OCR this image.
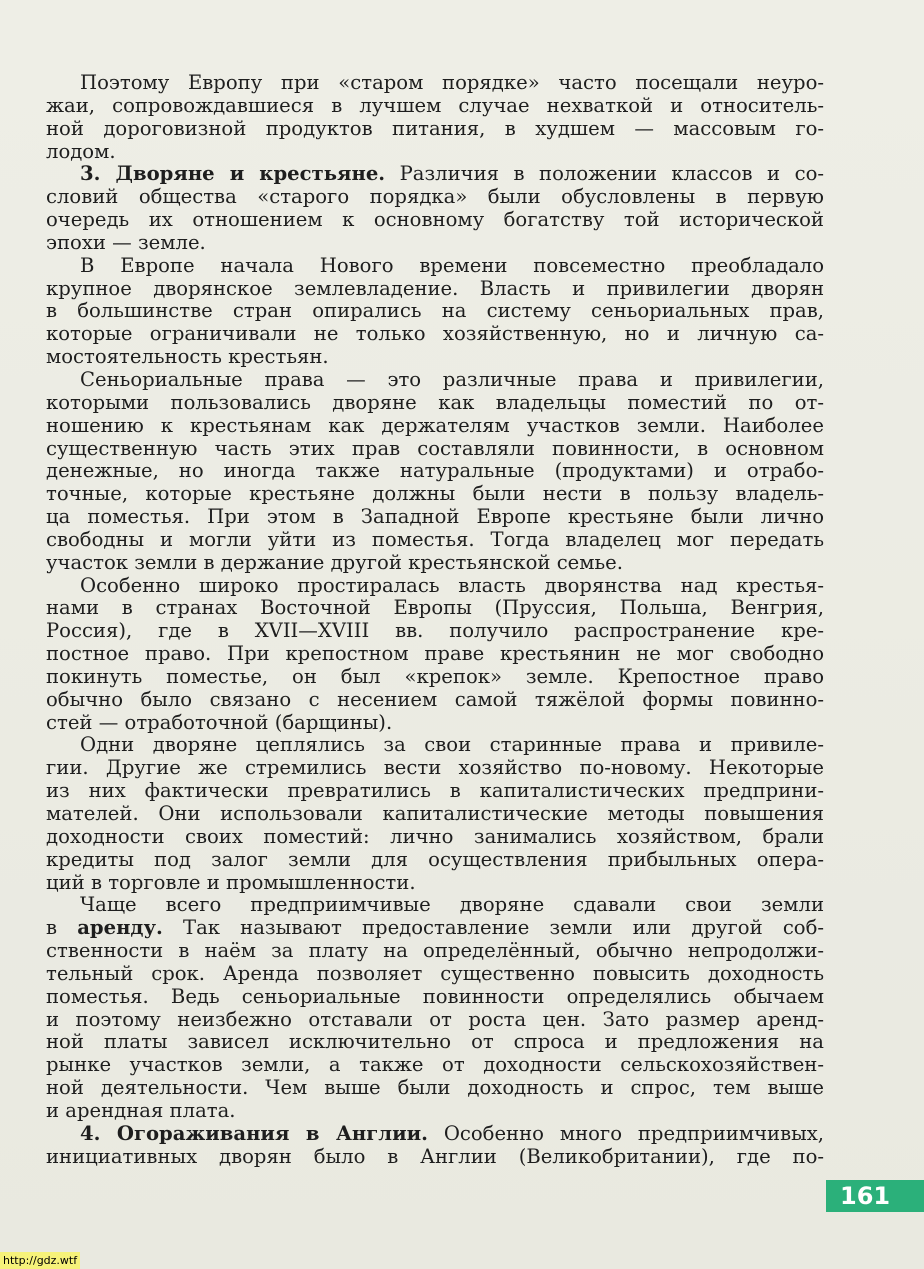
Поэтому Европу при «старом порядке» часто посещали неуро-
жаи, сопровождавшиеся в лучшем случае нехваткой и относитель-
ной дороговизной продуктов питания, в худшем — массовым го-
лодом.
3. Дворяне и крестьяне. Различия в положении классов и со-
словий общества «старого порядка» были обусловлены в первую
очередь их отношением к основному богатству той исторической
эпохи — земле.
В Европе начала Нового времени повсеместно преобладало
крупное дворянское землевладение. Власть и привилегии дворян
в большинстве стран опирались на систему сеньориальных прав,
которые ограничивали не только хозяйственную, но и личную са-
мостоятельность крестьян.
Сеньориальные права — это различные права и привилегии,
которыми пользовались дворяне как владельцы поместий по от-
ношению к крестьянам как держателям участков земли. Наиболее
существенную часть этих прав составляли повинности, в основном
денежные, но иногда также натуральные (продуктами) и отрабо-
точные, которые крестьяне должны были нести в пользу владель-
ца поместья. При этом в Западной Европе крестьяне были лично
свободны и могли уйти из поместья. Тогда владелец мог передать
участок земли в держание другой крестьянской семье.
Особенно широко простиралась власть дворянства над крестья-
нами в странах Восточной Европы (Пруссия, Польша, Венгрия,
Россия), где в XVII—XVIII вв. получило распространение кре-
постное право. При крепостном праве крестьянин не мог свободно
покинуть поместье, он был «крепок» земле. Крепостное право
обычно было связано с несением самой тяжёлой формы повинно-
стей — отработочной (барщины).
Одни дворяне цеплялись за свои старинные права и привиле-
гии. Другие же стремились вести хозяйство по-новому. Некоторые
из них фактически превратились в капиталистических предприни-
мателей. Они использовали капиталистические методы повышения
доходности своих поместий: лично занимались хозяйством, брали
кредиты под залог земли для осуществления прибыльных опера-
ций в торговле и промышленности.
Чаще всего предприимчивые дворяне сдавали свои земли
в аренду. Так называют предоставление земли или другой соб-
ственности в наём за плату на определённый, обычно непродолжи-
тельный срок. Аренда позволяет существенно повысить доходность
поместья. Ведь сеньориальные повинности определялись обычаем
и поэтому неизбежно отставали от роста цен. Зато размер аренд-
ной платы зависел исключительно от спроса и предложения на
рынке участков земли, а также от доходности сельскохозяйствен-
ной деятельности. Чем выше были доходность и спрос, тем выше
и арендная плата.
4. Огораживания в Англии. Особенно много предприимчивых,
инициативных дворян было в Англии (Великобритании), где по-
161
http://gdz.wtf
